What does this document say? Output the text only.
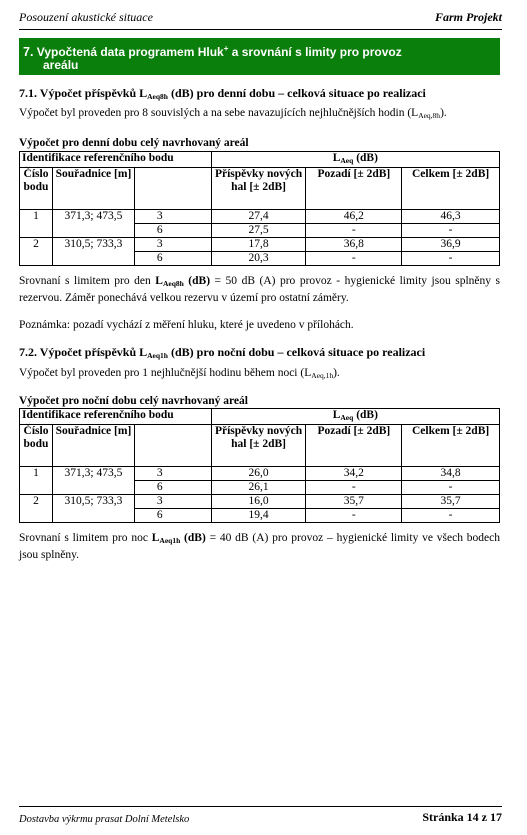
Posouzení akustické situace	Farm Projekt
7. Vypočtená data programem Hluk+ a srovnání s limity pro provoz
areálu
7.1. Výpočet příspěvků $L_{Aeq8h}$ (dB) pro denní dobu – celková situace po realizaci
Výpočet byl proveden pro 8 souvislých a na sebe navazujících nejhlučnějších hodin $(L_{Aeq,8h})$.
Výpočet pro denní dobu celý navrhovaný areál
Identifikace referenčního bodu			$L_{Aeq}$ (dB)		
Číslo bodu	Souřadnice [m]		Příspěvky nových hal [± 2dB]	Pozadí [± 2dB]	Celkem [± 2dB]
1	371,3; 473,5	3	27,4	46,2	46,3
		6	27,5	-	-
2	310,5; 733,3	3	17,8	36,8	36,9
		6	20,3	-	-
Srovnaní s limitem pro den $L_{Aeq8h}$ (dB) = 50 dB (A) pro provoz - hygienické limity jsou splněny s rezervou. Záměr ponechává velkou rezervu v území pro ostatní záměry.
Poznámka: pozadí vychází z měření hluku, které je uvedeno v přílohách.
7.2. Výpočet příspěvků $L_{Aeq1h}$ (dB) pro noční dobu – celková situace po realizaci
Výpočet byl proveden pro 1 nejhlučnější hodinu během noci $(L_{Aeq,1h})$.
Výpočet pro noční dobu celý navrhovaný areál
Identifikace referenčního bodu			$L_{Aeq}$ (dB)		
Číslo bodu	Souřadnice [m]		Příspěvky nových hal [± 2dB]	Pozadí [± 2dB]	Celkem [± 2dB]
1	371,3; 473,5	3	26,0	34,2	34,8
		6	26,1	-	-
2	310,5; 733,3	3	16,0	35,7	35,7
		6	19,4	-	-
Srovnaní s limitem pro noc $L_{Aeq1h}$ (dB) = 40 dB (A) pro provoz – hygienické limity ve všech bodech jsou splněny.
Dostavba výkrmu prasat Dolní Metelsko	Stránka 14 z 17
